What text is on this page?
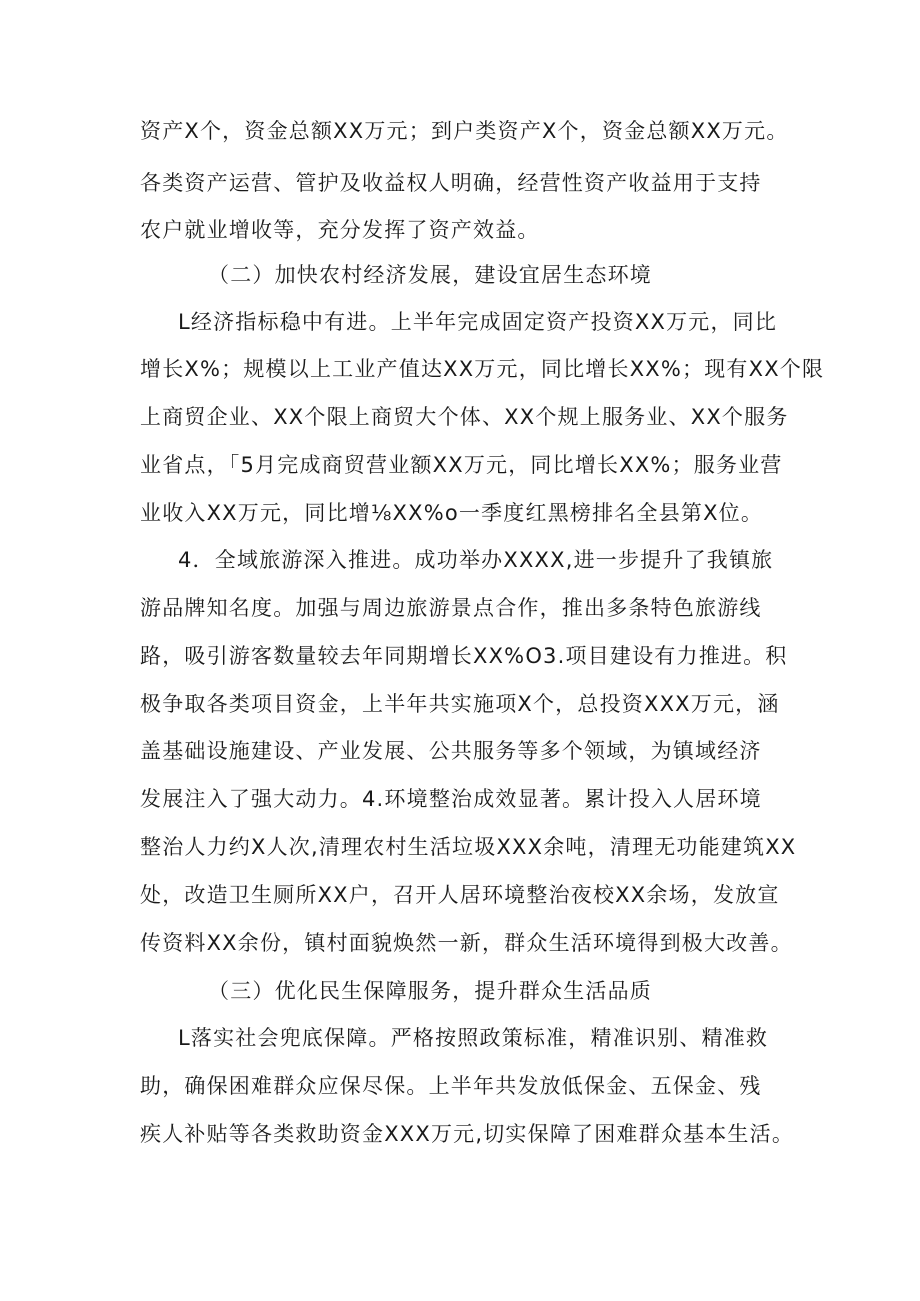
资产X个，资金总额XX万元；到户类资产X个，资金总额XX万元。
各类资产运营、管护及收益权人明确，经营性资产收益用于支持
农户就业增收等，充分发挥了资产效益。
（二）加快农村经济发展，建设宜居生态环境
L经济指标稳中有进。上半年完成固定资产投资XX万元，同比
增长X%；规模以上工业产值达XX万元，同比增长XX%；现有XX个限
上商贸企业、XX个限上商贸大个体、XX个规上服务业、XX个服务
业省点，「5月完成商贸营业额XX万元，同比增长XX%；服务业营
业收入XX万元，同比增⅛XX%o一季度红黑榜排名全县第X位。
4．全域旅游深入推进。成功举办XXXX,进一步提升了我镇旅
游品牌知名度。加强与周边旅游景点合作，推出多条特色旅游线
路，吸引游客数量较去年同期增长XX%O3.项目建设有力推进。积
极争取各类项目资金，上半年共实施项X个，总投资XXX万元，涵
盖基础设施建设、产业发展、公共服务等多个领域，为镇域经济
发展注入了强大动力。4.环境整治成效显著。累计投入人居环境
整治人力约X人次,清理农村生活垃圾XXX余吨，清理无功能建筑XX
处，改造卫生厕所XX户，召开人居环境整治夜校XX余场，发放宣
传资料XX余份，镇村面貌焕然一新，群众生活环境得到极大改善。
（三）优化民生保障服务，提升群众生活品质
L落实社会兜底保障。严格按照政策标准，精准识别、精准救
助，确保困难群众应保尽保。上半年共发放低保金、五保金、残
疾人补贴等各类救助资金XXX万元,切实保障了困难群众基本生活。
